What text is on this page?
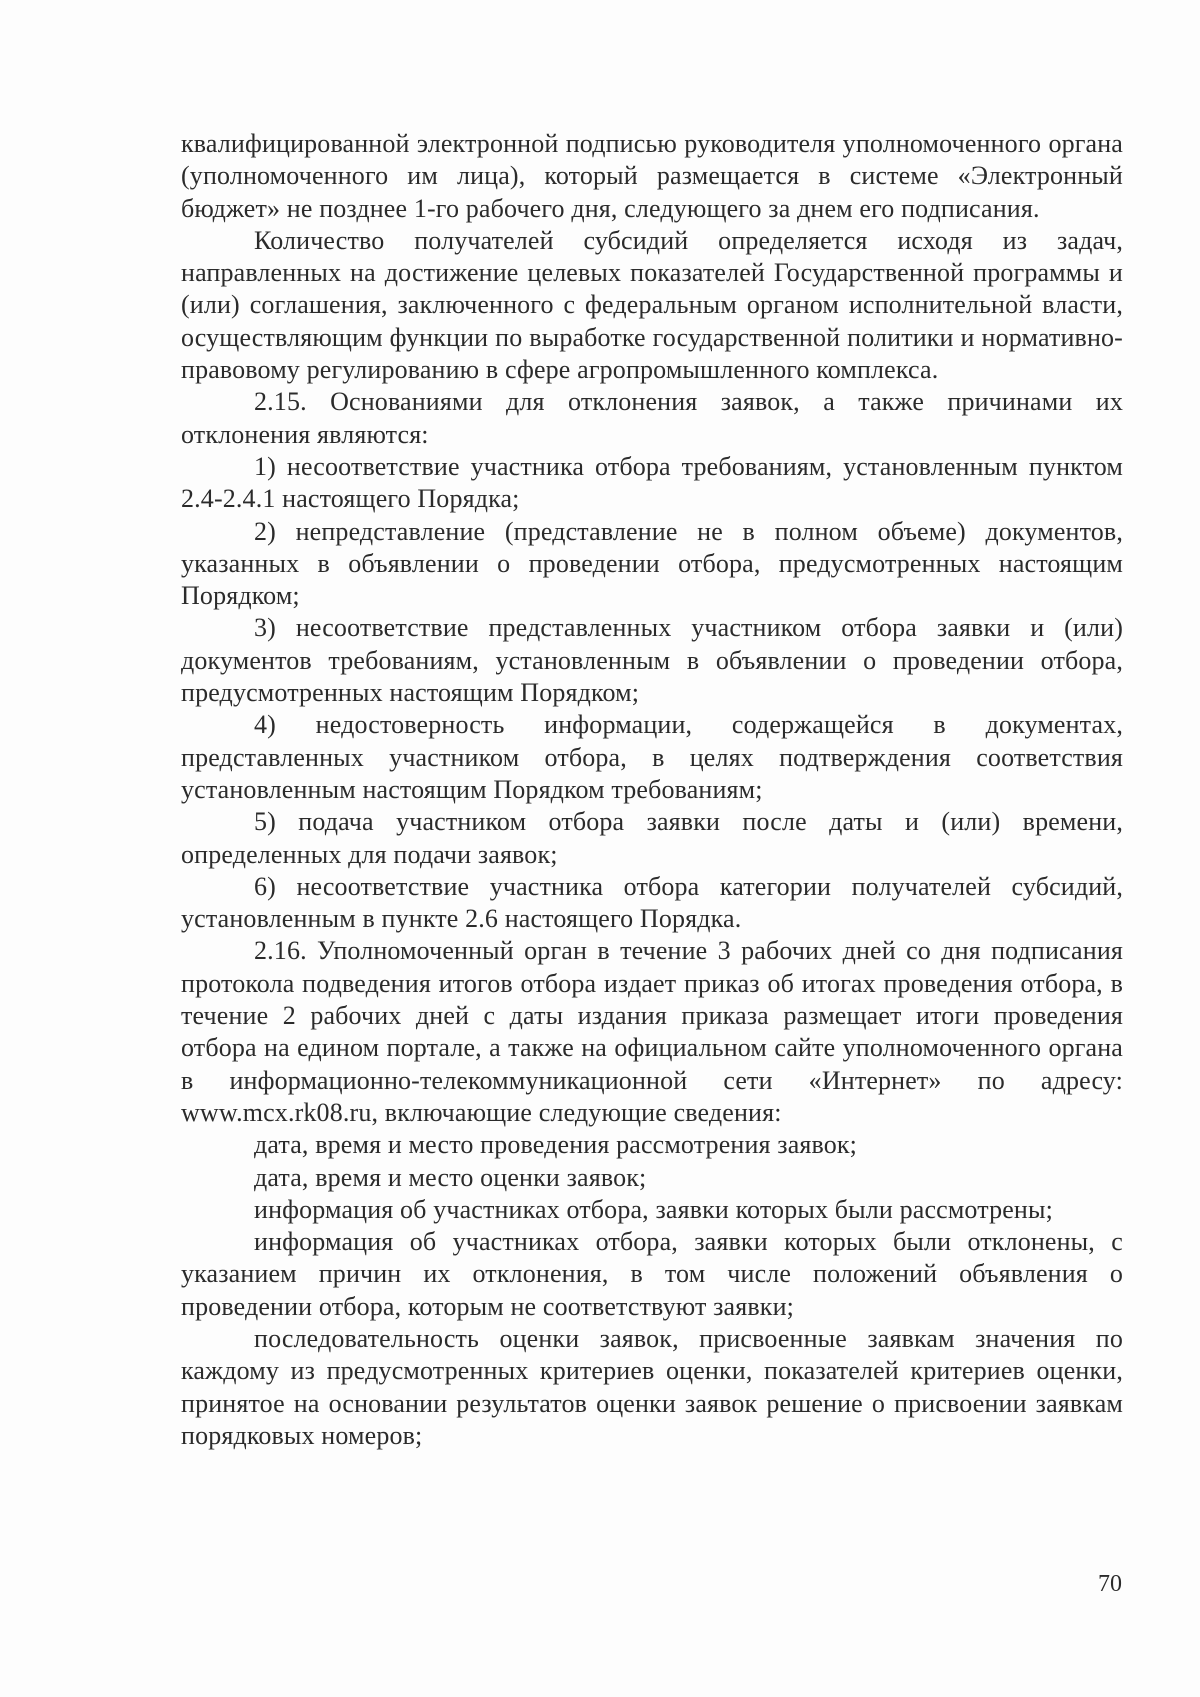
квалифицированной электронной подписью руководителя уполномоченного органа (уполномоченного им лица), который размещается в системе «Электронный бюджет» не позднее 1-го рабочего дня, следующего за днем его подписания.

Количество получателей субсидий определяется исходя из задач, направленных на достижение целевых показателей Государственной программы и (или) соглашения, заключенного с федеральным органом исполнительной власти, осуществляющим функции по выработке государственной политики и нормативно-правовому регулированию в сфере агропромышленного комплекса.

2.15. Основаниями для отклонения заявок, а также причинами их отклонения являются:

1) несоответствие участника отбора требованиям, установленным пунктом 2.4-2.4.1 настоящего Порядка;

2) непредставление (представление не в полном объеме) документов, указанных в объявлении о проведении отбора, предусмотренных настоящим Порядком;

3) несоответствие представленных участником отбора заявки и (или) документов требованиям, установленным в объявлении о проведении отбора, предусмотренных настоящим Порядком;

4) недостоверность информации, содержащейся в документах, представленных участником отбора, в целях подтверждения соответствия установленным настоящим Порядком требованиям;

5) подача участником отбора заявки после даты и (или) времени, определенных для подачи заявок;

6) несоответствие участника отбора категории получателей субсидий, установленным в пункте 2.6 настоящего Порядка.

2.16. Уполномоченный орган в течение 3 рабочих дней со дня подписания протокола подведения итогов отбора издает приказ об итогах проведения отбора, в течение 2 рабочих дней с даты издания приказа размещает итоги проведения отбора на едином портале, а также на официальном сайте уполномоченного органа в информационно-телекоммуникационной сети «Интернет» по адресу: www.mcx.rk08.ru, включающие следующие сведения:

дата, время и место проведения рассмотрения заявок;

дата, время и место оценки заявок;

информация об участниках отбора, заявки которых были рассмотрены;

информация об участниках отбора, заявки которых были отклонены, с указанием причин их отклонения, в том числе положений объявления о проведении отбора, которым не соответствуют заявки;

последовательность оценки заявок, присвоенные заявкам значения по каждому из предусмотренных критериев оценки, показателей критериев оценки, принятое на основании результатов оценки заявок решение о присвоении заявкам порядковых номеров;

70
